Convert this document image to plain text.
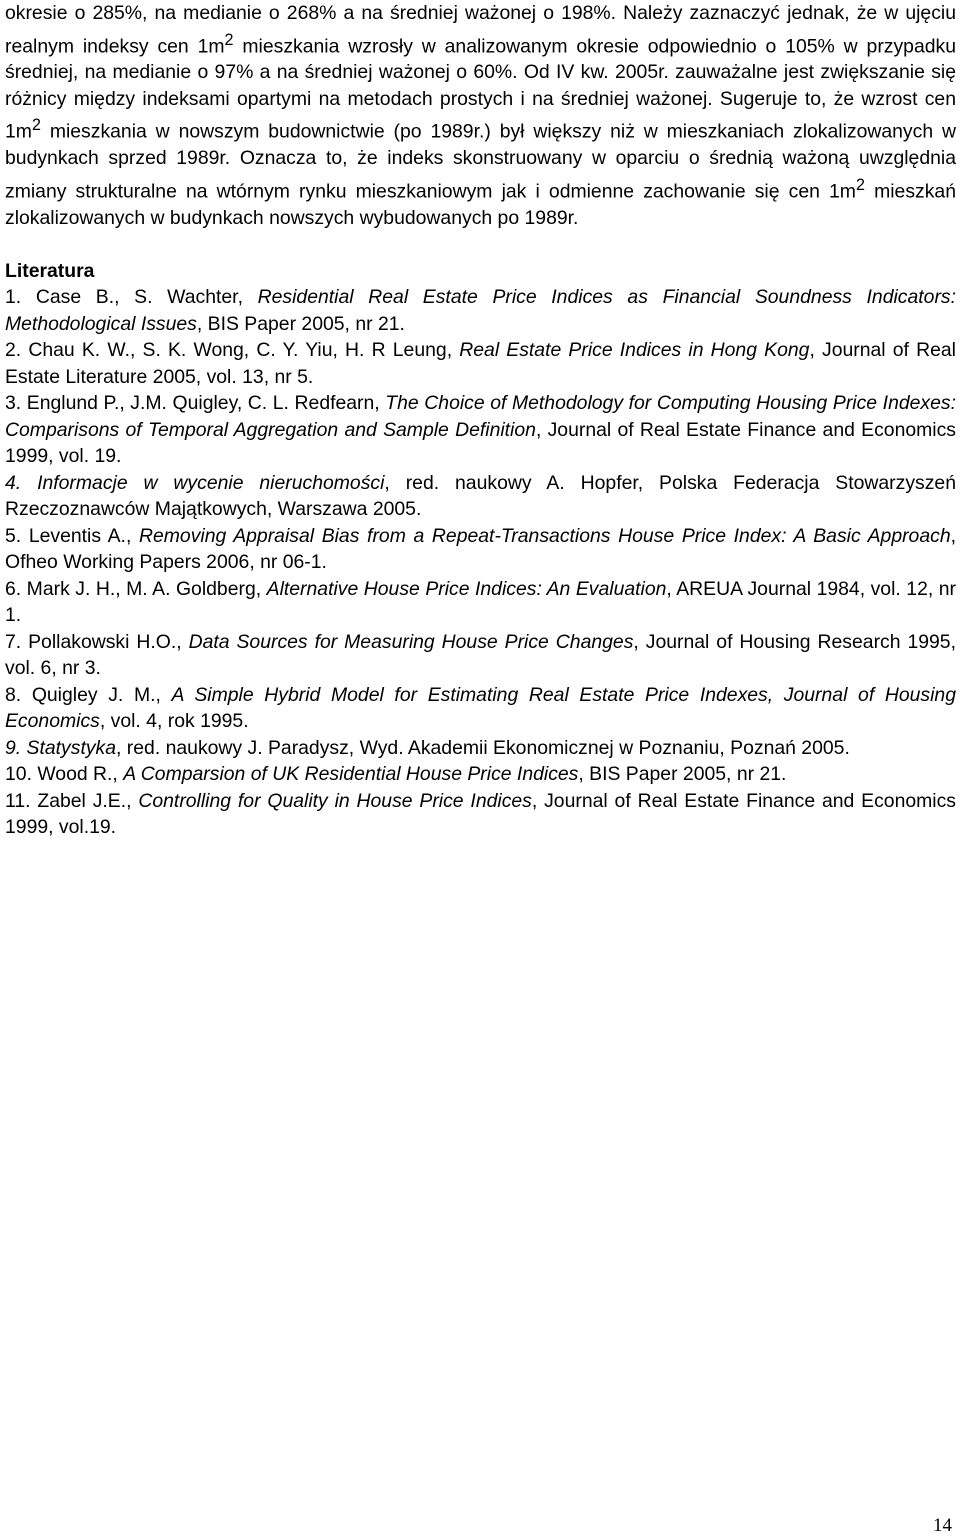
okresie o 285%, na medianie o 268% a na średniej ważonej o 198%. Należy zaznaczyć jednak, że w ujęciu realnym indeksy cen $1m^2$ mieszkania wzrosły w analizowanym okresie odpowiednio o 105% w przypadku średniej, na medianie o 97% a na średniej ważonej o 60%. Od IV kw. 2005r. zauważalne jest zwiększanie się różnicy między indeksami opartymi na metodach prostych i na średniej ważonej. Sugeruje to, że wzrost cen $1m^2$ mieszkania w nowszym budownictwie (po 1989r.) był większy niż w mieszkaniach zlokalizowanych w budynkach sprzed 1989r. Oznacza to, że indeks skonstruowany w oparciu o średnią ważoną uwzględnia zmiany strukturalne na wtórnym rynku mieszkaniowym jak i odmienne zachowanie się cen $1m^2$ mieszkań zlokalizowanych w budynkach nowszych wybudowanych po 1989r.

Literatura

1. Case B., S. Wachter, Residential Real Estate Price Indices as Financial Soundness Indicators: Methodological Issues, BIS Paper 2005, nr 21.

2. Chau K. W., S. K. Wong, C. Y. Yiu, H. R Leung, Real Estate Price Indices in Hong Kong, Journal of Real Estate Literature 2005, vol. 13, nr 5.

3. Englund P., J.M. Quigley, C. L. Redfearn, The Choice of Methodology for Computing Housing Price Indexes: Comparisons of Temporal Aggregation and Sample Definition, Journal of Real Estate Finance and Economics 1999, vol. 19.

4. Informacje w wycenie nieruchomości, red. naukowy A. Hopfer, Polska Federacja Stowarzyszeń Rzeczoznawców Majątkowych, Warszawa 2005.

5. Leventis A., Removing Appraisal Bias from a Repeat-Transactions House Price Index: A Basic Approach, Ofheo Working Papers 2006, nr 06-1.

6. Mark J. H., M. A. Goldberg, Alternative House Price Indices: An Evaluation, AREUA Journal 1984, vol. 12, nr 1.

7. Pollakowski H.O., Data Sources for Measuring House Price Changes, Journal of Housing Research 1995, vol. 6, nr 3.

8. Quigley J. M., A Simple Hybrid Model for Estimating Real Estate Price Indexes, Journal of Housing Economics, vol. 4, rok 1995.

9. Statystyka, red. naukowy J. Paradysz, Wyd. Akademii Ekonomicznej w Poznaniu, Poznań 2005.

10. Wood R., A Comparsion of UK Residential House Price Indices, BIS Paper 2005, nr 21.

11. Zabel J.E., Controlling for Quality in House Price Indices, Journal of Real Estate Finance and Economics 1999, vol.19.

14
